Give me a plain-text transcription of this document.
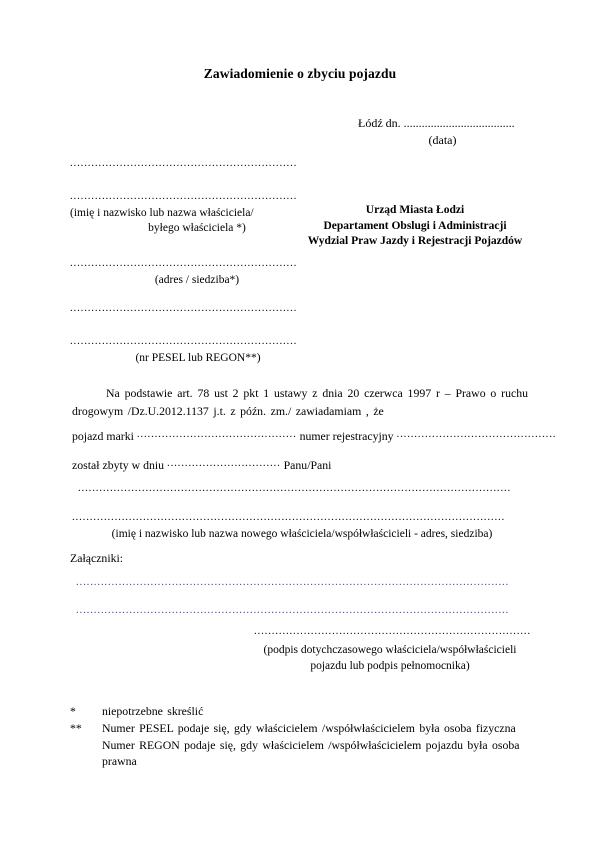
Zawiadomienie o zbyciu pojazdu
Łódź dn. .....................................
(data)
................................................................ ................................................................
(imię i nazwisko lub nazwa właściciela/
byłego właściciela *)
Urząd Miasta Łodzi
Departament Obslugi i Administracji
Wydzial Praw Jazdy i Rejestracji Pojazdów
................................................................
(adres / siedziba*)
................................................................ ................................................................
(nr PESEL lub REGON**)
Na podstawie art. 78 ust 2 pkt 1 ustawy z dnia 20 czerwca 1997 r – Prawo o ruchu drogowym /Dz.U.2012.1137 j.t. z późn. zm./ zawiadamiam , że
pojazd marki ............................................. numer rejestracyjny .............................................
został zbyty w dniu ................................ Panu/Pani
.......................................................................................................................... ..........................................................................................................................
(imię i nazwisko lub nazwa nowego właściciela/współwłaścicieli - adres, siedziba)
Załączniki:
.......................................................................................................................... ..........................................................................................................................
..............................................................................
(podpis dotychczasowego właściciela/współwłaścicieli
pojazdu lub podpis pełnomocnika)
*	niepotrzebne skreślić
**	Numer PESEL podaje się, gdy właścicielem /współwłaścicielem była osoba fizyczna
Numer REGON podaje się, gdy właścicielem /współwłaścicielem pojazdu była osoba
prawna
